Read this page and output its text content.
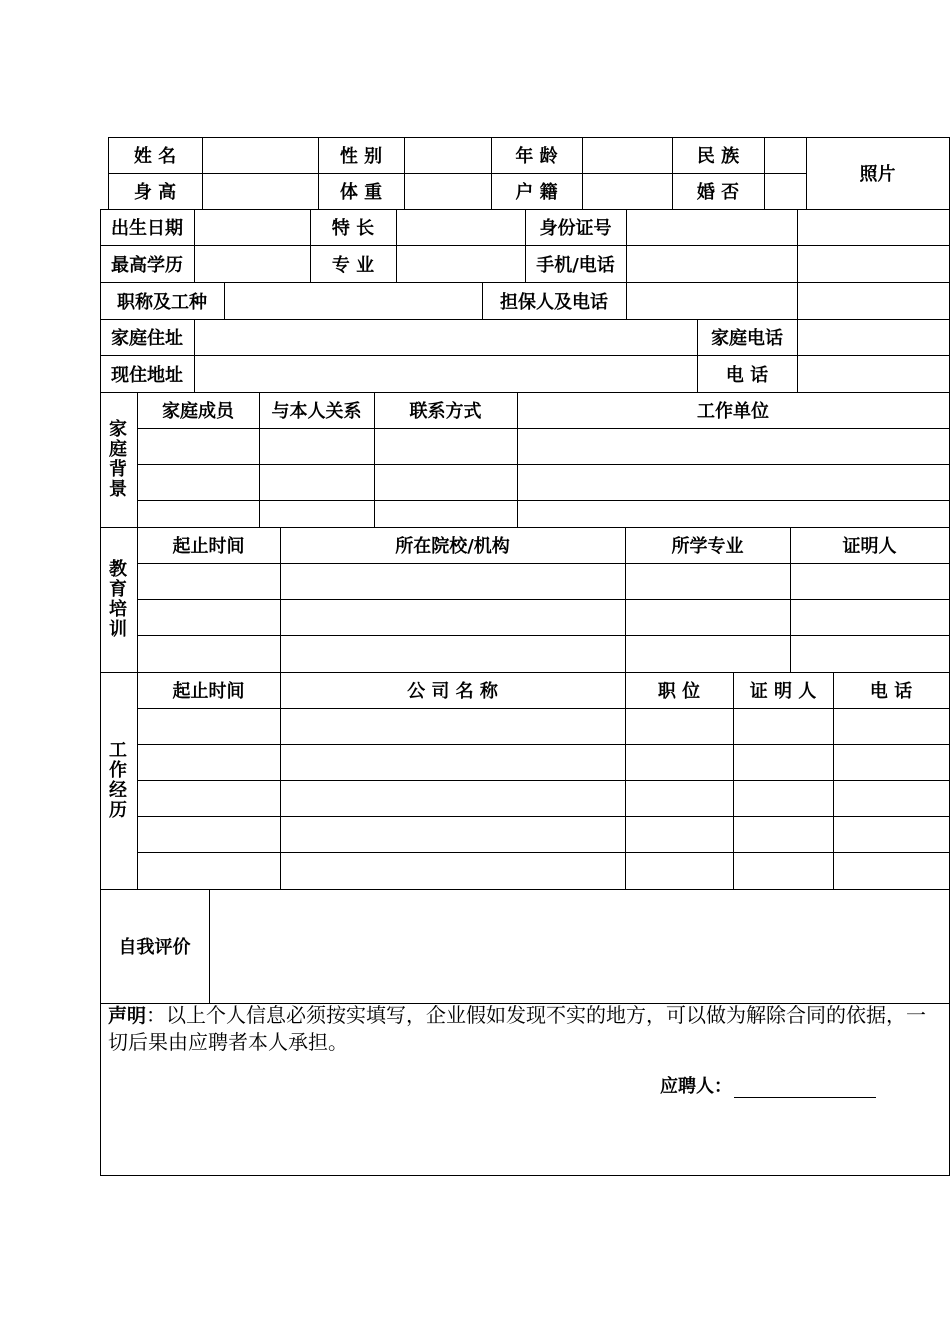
姓 名	性 别	年 龄	民 族
照片
身 高	体 重	户 籍	婚 否
出生日期	特 长	身份证号
最高学历	专 业	手机/电话
职称及工种	担保人及电话
家庭住址	家庭电话
现住地址	电 话
家庭背景
家庭成员	与本人关系	联系方式	工作单位
教育培训
起止时间	所在院校/机构	所学专业	证明人
工作经历
起止时间	公 司 名 称	职 位	证 明 人	电 话
自我评价
声明：以上个人信息必须按实填写，企业假如发现不实的地方，可以做为解除合同的依据，一切后果由应聘者本人承担。
应聘人：
